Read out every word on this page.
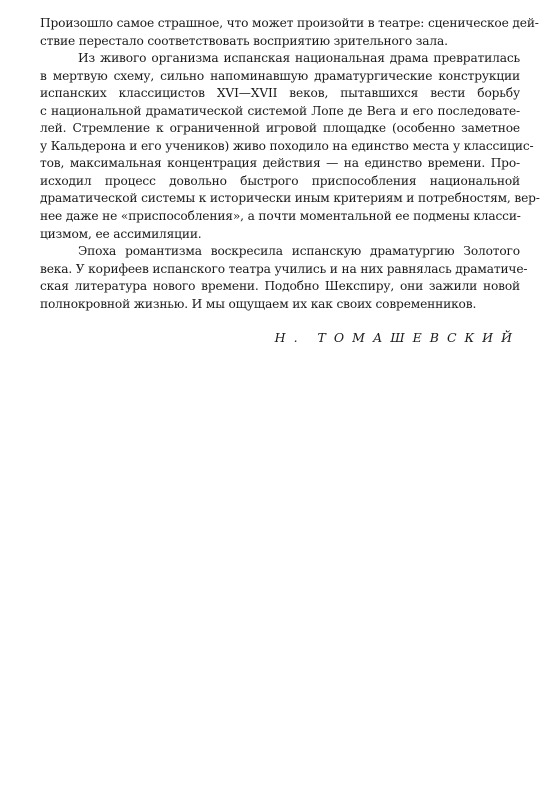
Произошло самое страшное, что может произойти в театре: сценическое дей-
ствие перестало соответствовать восприятию зрительного зала.
Из живого организма испанская национальная драма превратилась
в мертвую схему, сильно напоминавшую драматургические конструкции
испанских классицистов XVI—XVII веков, пытавшихся вести борьбу
с национальной драматической системой Лопе де Вега и его последовате-
лей. Стремление к ограниченной игровой площадке (особенно заметное
у Кальдерона и его учеников) живо походило на единство места у классицис-
тов, максимальная концентрация действия — на единство времени. Про-
исходил процесс довольно быстрого приспособления национальной
драматической системы к исторически иным критериям и потребностям, вер-
нее даже не «приспособления», а почти моментальной ее подмены класси-
цизмом, ее ассимиляции.
Эпоха романтизма воскресила испанскую драматургию Золотого
века. У корифеев испанского театра учились и на них равнялась драматиче-
ская литература нового времени. Подобно Шекспиру, они зажили новой
полнокровной жизнью. И мы ощущаем их как своих современников.
Н. ТОМАШЕВСКИЙ
